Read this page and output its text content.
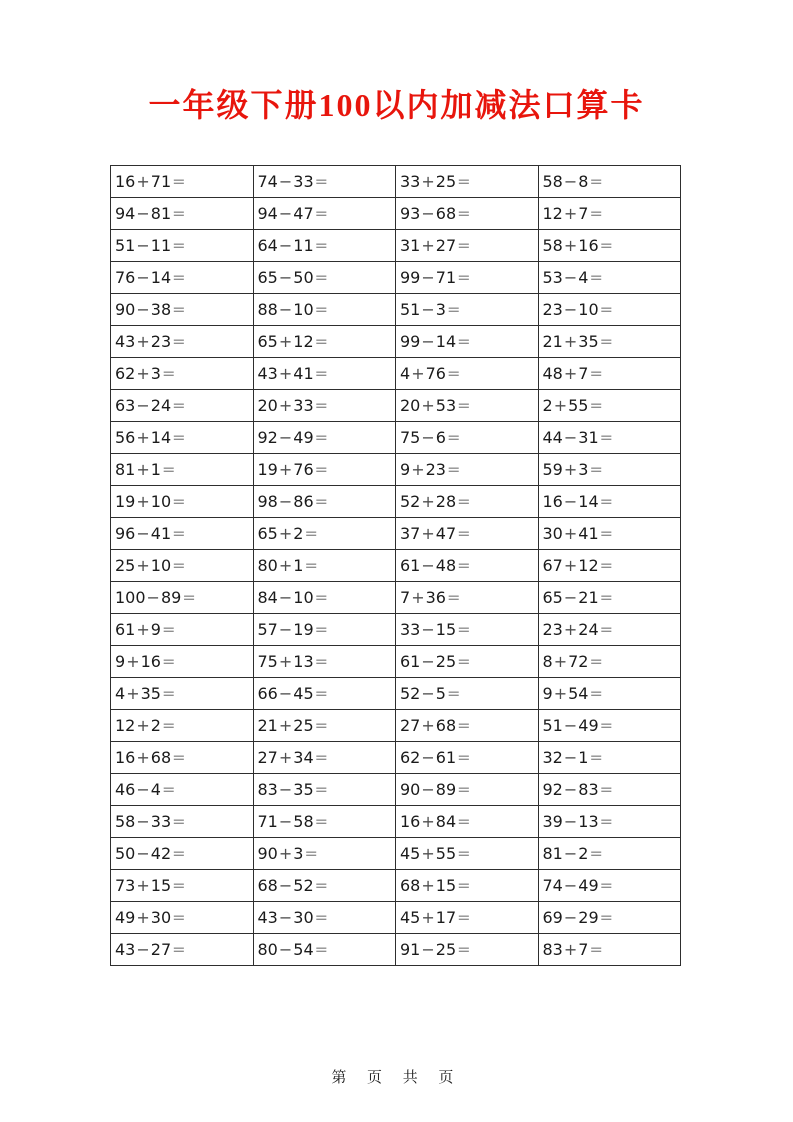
一年级下册100以内加减法口算卡
16+71=	74−33=	33+25=	58−8=
94−81=	94−47=	93−68=	12+7=
51−11=	64−11=	31+27=	58+16=
76−14=	65−50=	99−71=	53−4=
90−38=	88−10=	51−3=	23−10=
43+23=	65+12=	99−14=	21+35=
62+3=	43+41=	4+76=	48+7=
63−24=	20+33=	20+53=	2+55=
56+14=	92−49=	75−6=	44−31=
81+1=	19+76=	9+23=	59+3=
19+10=	98−86=	52+28=	16−14=
96−41=	65+2=	37+47=	30+41=
25+10=	80+1=	61−48=	67+12=
100−89=	84−10=	7+36=	65−21=
61+9=	57−19=	33−15=	23+24=
9+16=	75+13=	61−25=	8+72=
4+35=	66−45=	52−5=	9+54=
12+2=	21+25=	27+68=	51−49=
16+68=	27+34=	62−61=	32−1=
46−4=	83−35=	90−89=	92−83=
58−33=	71−58=	16+84=	39−13=
50−42=	90+3=	45+55=	81−2=
73+15=	68−52=	68+15=	74−49=
49+30=	43−30=	45+17=	69−29=
43−27=	80−54=	91−25=	83+7=
第 页 共 页
